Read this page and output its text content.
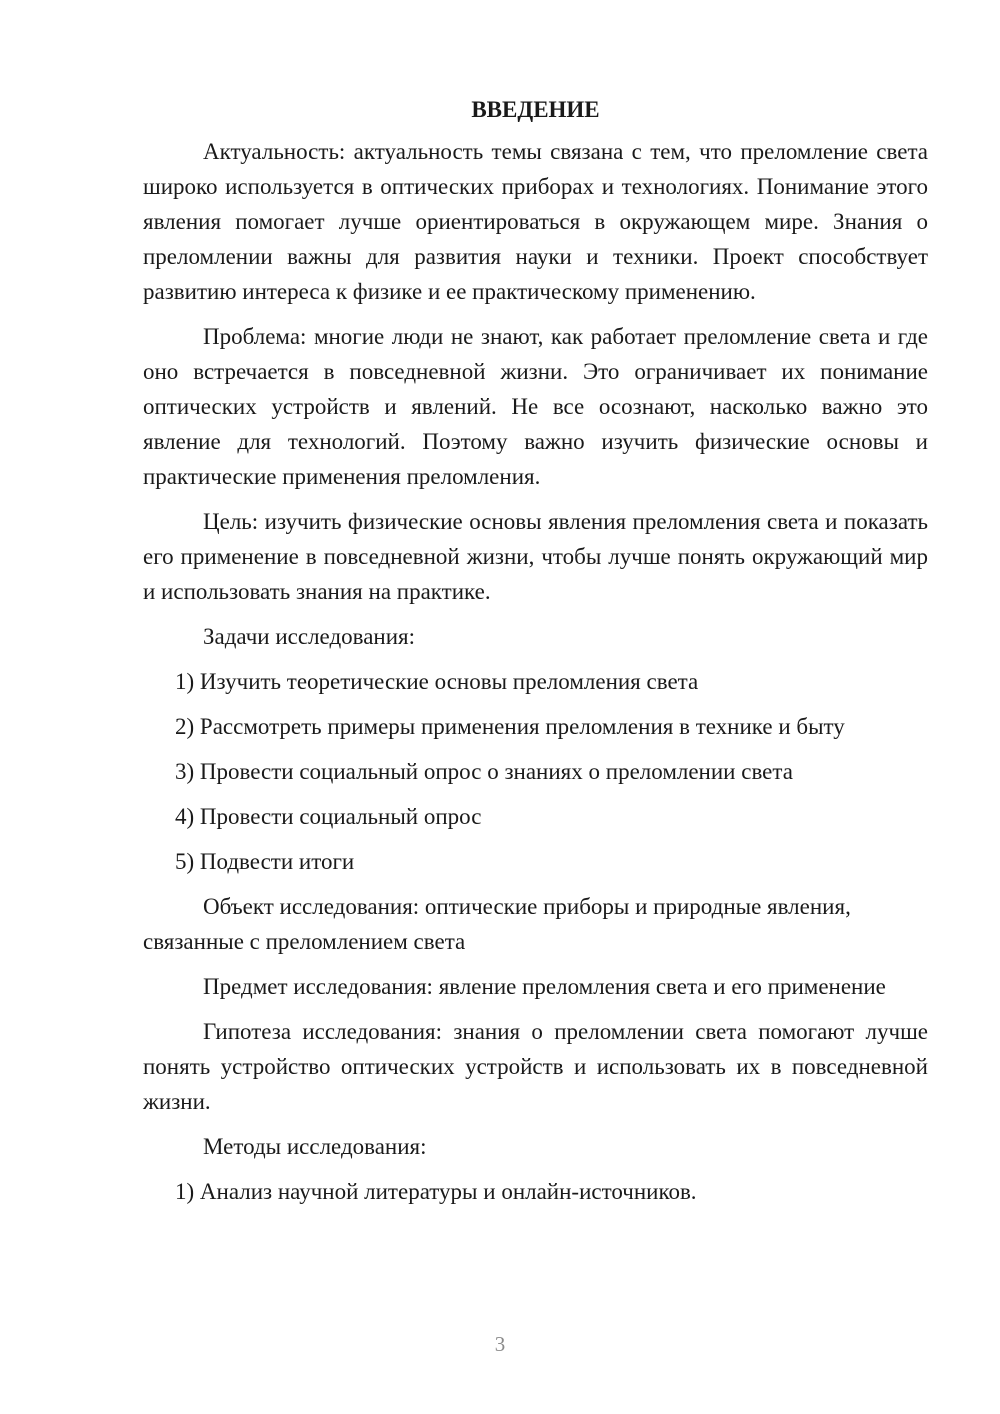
ВВЕДЕНИЕ

Актуальность: актуальность темы связана с тем, что преломление света широко используется в оптических приборах и технологиях. Понимание этого явления помогает лучше ориентироваться в окружающем мире. Знания о преломлении важны для развития науки и техники. Проект способствует развитию интереса к физике и ее практическому применению.

Проблема: многие люди не знают, как работает преломление света и где оно встречается в повседневной жизни. Это ограничивает их понимание оптических устройств и явлений. Не все осознают, насколько важно это явление для технологий. Поэтому важно изучить физические основы и практические применения преломления.

Цель: изучить физические основы явления преломления света и показать его применение в повседневной жизни, чтобы лучше понять окружающий мир и использовать знания на практике.

Задачи исследования:

1) Изучить теоретические основы преломления света
2) Рассмотреть примеры применения преломления в технике и быту
3) Провести социальный опрос о знаниях о преломлении света
4) Провести социальный опрос
5) Подвести итоги

Объект исследования: оптические приборы и природные явления, связанные с преломлением света

Предмет исследования: явление преломления света и его применение

Гипотеза исследования: знания о преломлении света помогают лучше понять устройство оптических устройств и использовать их в повседневной жизни.

Методы исследования:

1) Анализ научной литературы и онлайн-источников.
3
